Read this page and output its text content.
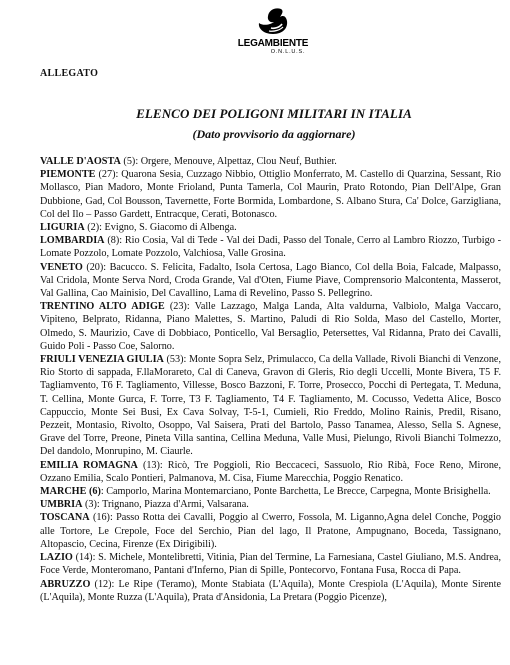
LEGAMBIENTE
O.N.L.U.S.
ALLEGATO
ELENCO DEI POLIGONI MILITARI IN ITALIA
(Dato provvisorio da aggiornare)

VALLE D'AOSTA (5): Orgere, Menouve, Alpettaz, Clou Neuf, Buthier.

PIEMONTE (27): Quarona Sesia, Cuzzago Nibbio, Ottiglio Monferrato, M. Castello di Quarzina, Sessant, Rio Mollasco, Pian Madoro, Monte Frioland, Punta Tamerla, Col Maurin, Prato Rotondo, Pian Dell'Alpe, Gran Dubbione, Gad, Col Bousson, Tavernette, Forte Bormida, Lombardone, S. Albano Stura, Ca' Dolce, Garzigliana, Col del Ilo – Passo Gardett, Entracque, Cerati, Botonasco.

LIGURIA (2): Evigno, S. Giacomo di Albenga.

LOMBARDIA (8): Rio Cosia, Val di Tede - Val dei Dadi, Passo del Tonale, Cerro al Lambro Riozzo, Turbigo - Lomate Pozzolo, Lomate Pozzolo, Valchiosa, Valle Grosina.

VENETO (20): Bacucco. S. Felicita, Fadalto, Isola Certosa, Lago Bianco, Col della Boia, Falcade, Malpasso, Val Cridola, Monte Serva Nord, Croda Grande, Val d'Oten, Fiume Piave, Comprensorio Malcontenta, Masserot, Val Gallina, Cao Mainisio, Del Cavallino, Lama di Revelino, Passo S. Pellegrino.

TRENTINO ALTO ADIGE (23): Valle Lazzago, Malga Landa, Alta valdurna, Valbiolo, Malga Vaccaro, Vipiteno, Belprato, Ridanna, Piano Malettes, S. Martino, Paludi di Rio Solda, Maso del Castello, Morter, Olmedo, S. Maurizio, Cave di Dobbiaco, Ponticello, Val Bersaglio, Petersettes, Val Ridanna, Prato dei Cavalli, Guido Poli - Passo Coe, Salorno.

FRIULI VENEZIA GIULIA (53): Monte Sopra Selz, Primulacco, Ca della Vallade, Rivoli Bianchi di Venzone, Rio Storto di sappada, F.llaMorareto, Cal di Caneva, Gravon di Gleris, Rio degli Uccelli, Monte Bivera, T5 F. Tagliamvento, T6 F. Tagliamento, Villesse, Bosco Bazzoni, F. Torre, Prosecco, Pocchi di Pertegata, T. Meduna, T. Cellina, Monte Gurca, F. Torre, T3 F. Tagliamento, T4 F. Tagliamento, M. Cocusso, Vedetta Alice, Bosco Cappuccio, Monte Sei Busi, Ex Cava Solvay, T-5-1, Cumieli, Rio Freddo, Molino Rainis, Predil, Risano, Pezzeit, Montasio, Rivolto, Osoppo, Val Saisera, Prati del Bartolo, Passo Tanamea, Alesso, Sella S. Agnese, Grave del Torre, Preone, Pineta Villa santina, Cellina Meduna, Valle Musi, Pielungo, Rivoli Bianchi Tolmezzo, Del dandolo, Monrupino, M. Ciaurle.

EMILIA ROMAGNA (13): Ricò, Tre Poggioli, Rio Beccaceci, Sassuolo, Rio Ribà, Foce Reno, Mirone, Ozzano Emilia, Scalo Pontieri, Palmanova, M. Cisa, Fiume Marecchia, Poggio Renatico.

MARCHE (6): Camporlo, Marina Montemarciano, Ponte Barchetta, Le Brecce, Carpegna, Monte Brisighella.

UMBRIA (3): Trignano, Piazza d'Armi, Valsarana.

TOSCANA (16): Passo Rotta dei Cavalli, Poggio al Cwerro, Fossola, M. Liganno,Agna delel Conche, Poggio alle Tortore, Le Crepole, Foce del Serchio, Pian del lago, Il Pratone, Ampugnano, Boceda, Tassignano, Altopascio, Cecina, Firenze (Ex Dirigibili).

LAZIO (14): S. Michele, Montelibretti, Vitinia, Pian del Termine, La Farnesiana, Castel Giuliano, M.S. Andrea, Foce Verde, Monteromano, Pantani d'Inferno, Pian di Spille, Pontecorvo, Fontana Fusa, Rocca di Papa.

ABRUZZO (12): Le Ripe (Teramo), Monte Stabiata (L'Aquila), Monte Crespiola (L'Aquila), Monte Sirente (L'Aquila), Monte Ruzza (L'Aquila), Prata d'Ansidonia, La Pretara (Poggio Picenze),
